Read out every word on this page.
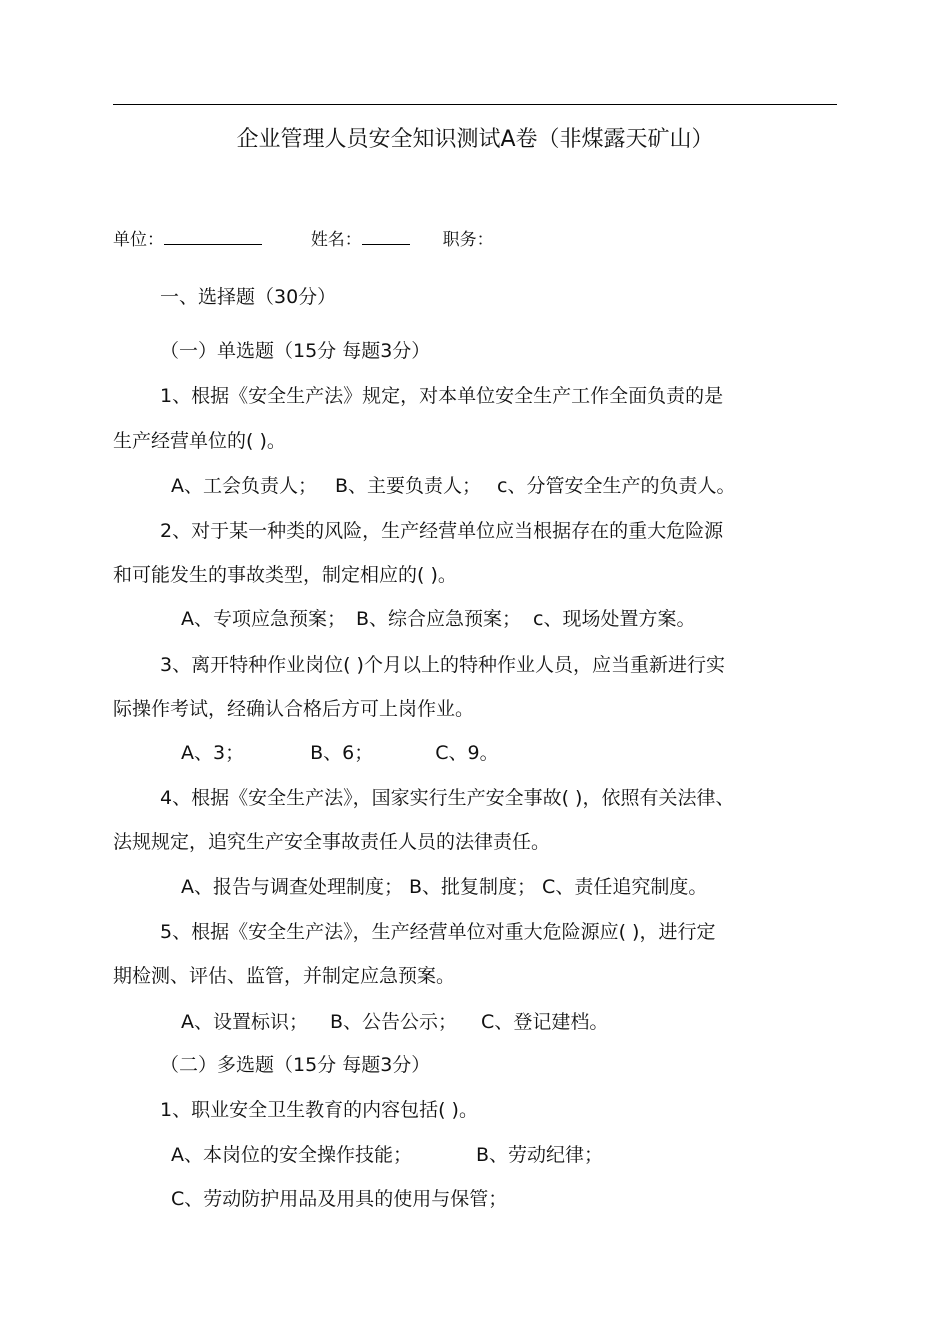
企业管理人员安全知识测试A卷（非煤露天矿山）
单位：	姓名：	职务：
一、选择题（30分）
（一）单选题（15分 每题3分）
1、根据《安全生产法》规定，对本单位安全生产工作全面负责的是
生产经营单位的( )。
A、工会负责人； B、主要负责人； c、分管安全生产的负责人。
2、对于某一种类的风险，生产经营单位应当根据存在的重大危险源
和可能发生的事故类型，制定相应的( )。
A、专项应急预案； B、综合应急预案； c、现场处置方案。
3、离开特种作业岗位( )个月以上的特种作业人员，应当重新进行实
际操作考试，经确认合格后方可上岗作业。
A、3；	B、6；	C、9。
4、根据《安全生产法》，国家实行生产安全事故( )，依照有关法律、
法规规定，追究生产安全事故责任人员的法律责任。
A、报告与调查处理制度； B、批复制度； C、责任追究制度。
5、根据《安全生产法》，生产经营单位对重大危险源应( )，进行定
期检测、评估、监管，并制定应急预案。
A、设置标识； B、公告公示； C、登记建档。
（二）多选题（15分 每题3分）
1、职业安全卫生教育的内容包括( )。
A、本岗位的安全操作技能；	B、劳动纪律；
C、劳动防护用品及用具的使用与保管；
